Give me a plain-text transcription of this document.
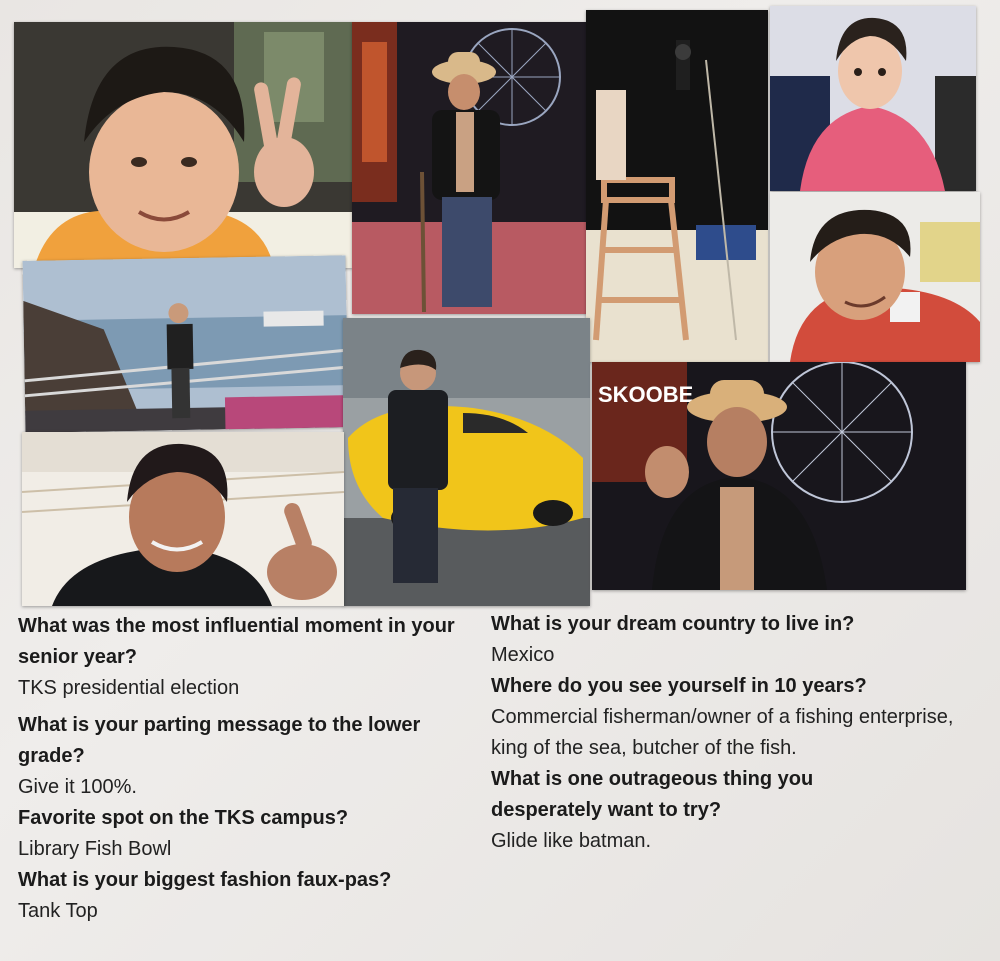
SKOOBE

What was the most influential moment in your senior year?

TKS presidential election

What is your parting message to the lower grade?

Give it 100%.

Favorite spot on the TKS campus?

Library Fish Bowl

What is your biggest fashion faux-pas?

Tank Top

What is your dream country to live in?

Mexico

Where do you see yourself in 10 years?

Commercial fisherman/owner of a fishing enterprise, king of the sea, butcher of the fish.

What is one outrageous thing you desperately want to try?

Glide like batman.
